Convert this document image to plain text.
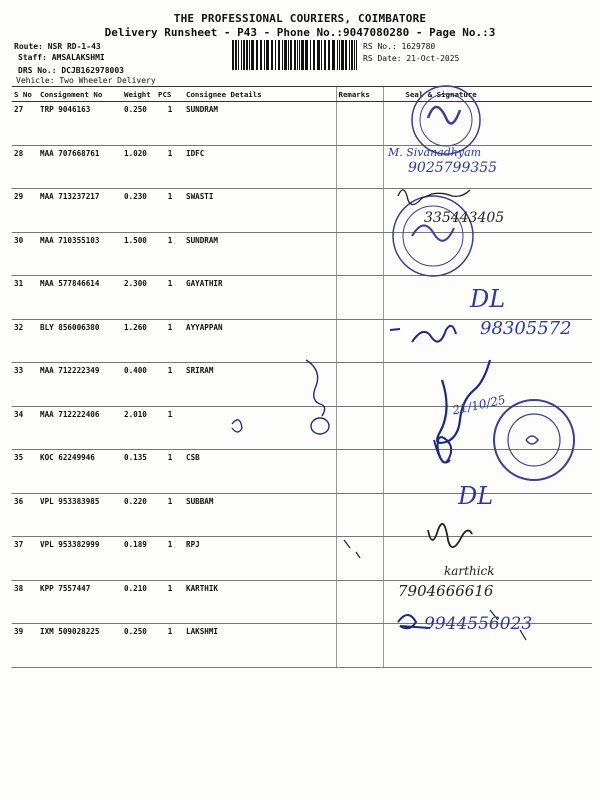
THE PROFESSIONAL COURIERS, COIMBATORE
Delivery Runsheet - P43 - Phone No.:9047080280 - Page No.:3
Route: NSR RD-1-43
Staff: AMSALAKSHMI
DRS No.: DCJB162978003
Vehicle: Two Wheeler Delivery
RS No.: 1629780
RS Date: 21-Oct-2025
S No	Consignment No	Weight	PCS	Consignee Details	Remarks	Seal & Signature
27	TRP 9046163	0.250	1	SUNDRAM		
28	MAA 707668761	1.020	1	IDFC		
29	MAA 713237217	0.230	1	SWASTI		
30	MAA 710355103	1.500	1	SUNDRAM		
31	MAA 577846614	2.300	1	GAYATHIR		
32	BLY 856006380	1.260	1	AYYAPPAN		
33	MAA 712222349	0.400	1	SRIRAM		
34	MAA 712222406	2.010	1			
35	KOC 62249946	0.135	1	CSB		
36	VPL 953383985	0.220	1	SUBBAM		
37	VPL 953382999	0.189	1	RPJ		
38	KPP 7557447	0.210	1	KARTHIK		
39	IXM 509028225	0.250	1	LAKSHMI		
M. Sivanadhyam
9025799355
335443405
DL
98305572
21/10/25
DL
karthick
7904666616
9944556023
